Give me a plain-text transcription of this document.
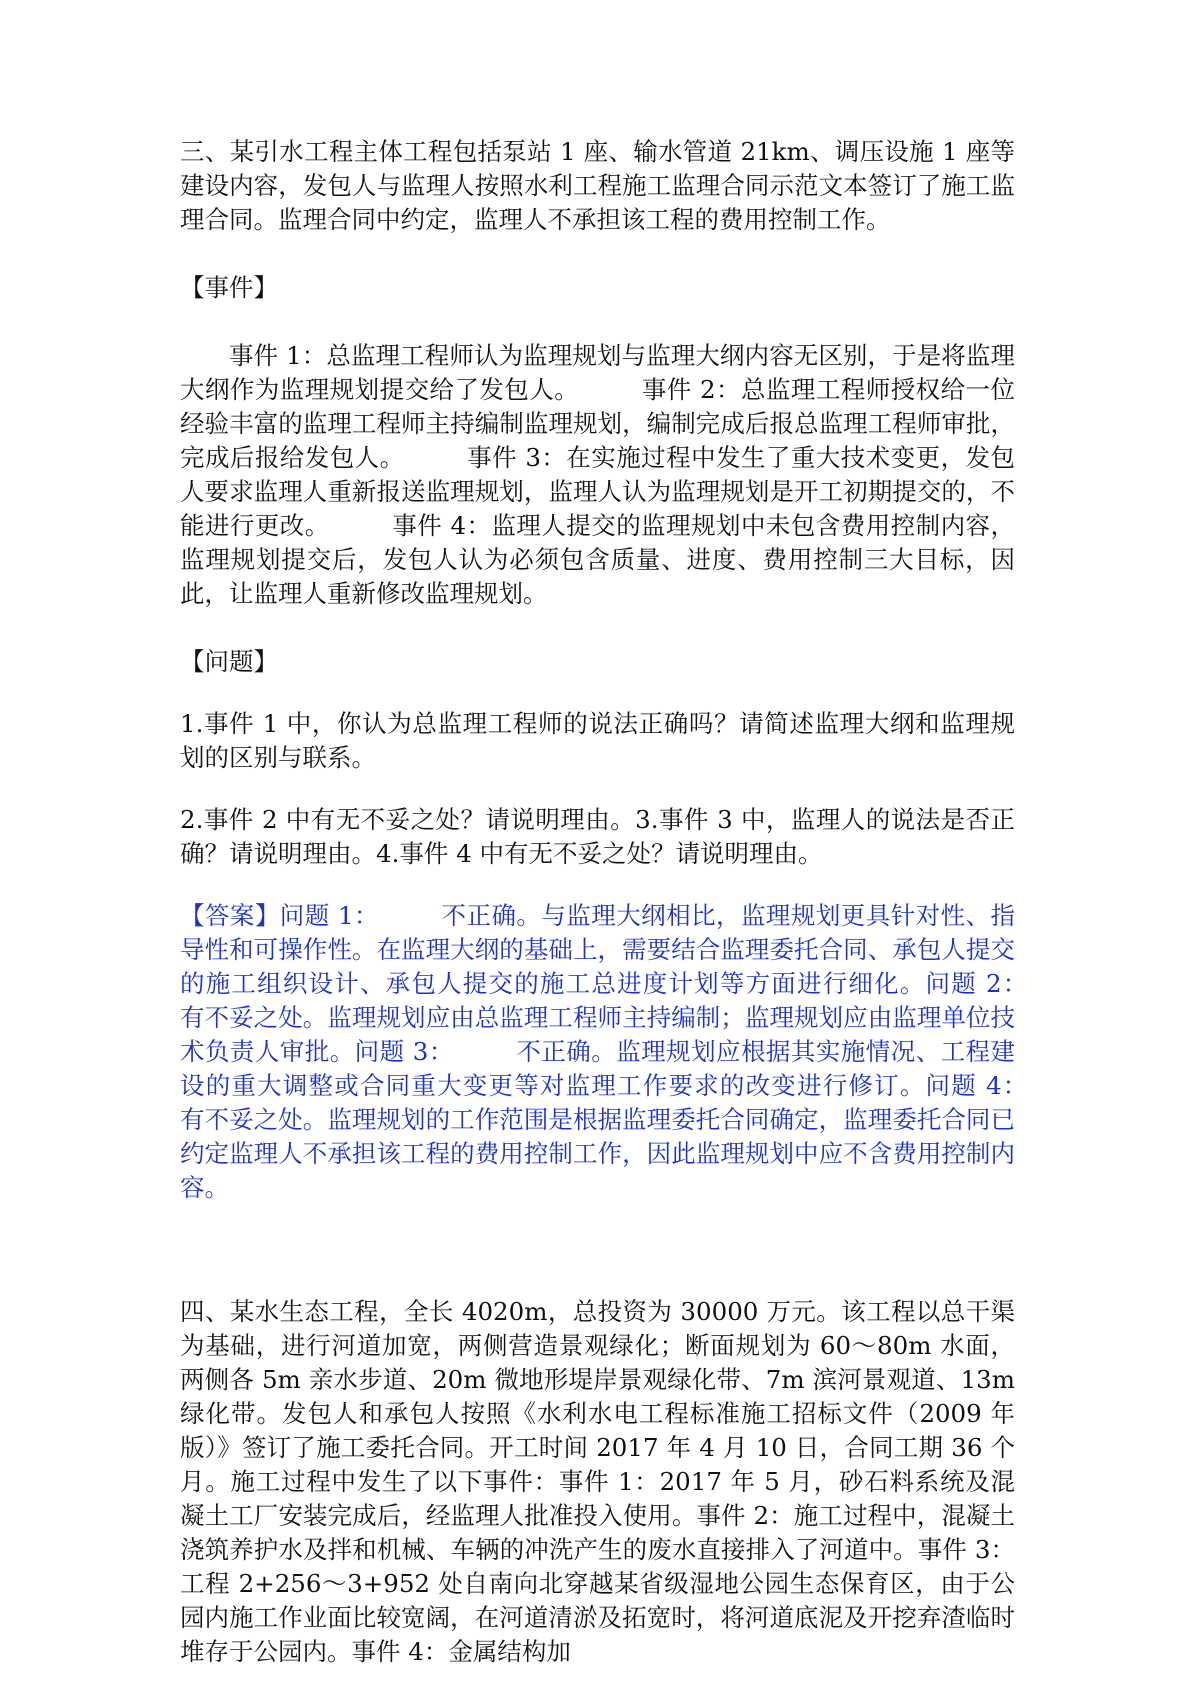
三、某引水工程主体工程包括泵站 1 座、输水管道 21km、调压设施 1 座等建设内容，发包人与监理人按照水利工程施工监理合同示范文本签订了施工监理合同。监理合同中约定，监理人不承担该工程的费用控制工作。

【事件】

事件 1：总监理工程师认为监理规划与监理大纲内容无区别，于是将监理大纲作为监理规划提交给了发包人。　　　事件 2：总监理工程师授权给一位经验丰富的监理工程师主持编制监理规划，编制完成后报总监理工程师审批，完成后报给发包人。　　　事件 3：在实施过程中发生了重大技术变更，发包人要求监理人重新报送监理规划，监理人认为监理规划是开工初期提交的，不能进行更改。　　　事件 4：监理人提交的监理规划中未包含费用控制内容，监理规划提交后，发包人认为必须包含质量、进度、费用控制三大目标，因此，让监理人重新修改监理规划。

【问题】

1.事件 1 中，你认为总监理工程师的说法正确吗？请简述监理大纲和监理规划的区别与联系。

2.事件 2 中有无不妥之处？请说明理由。3.事件 3 中，监理人的说法是否正确？请说明理由。4.事件 4 中有无不妥之处？请说明理由。

【答案】问题 1：　　　不正确。与监理大纲相比，监理规划更具针对性、指导性和可操作性。在监理大纲的基础上，需要结合监理委托合同、承包人提交的施工组织设计、承包人提交的施工总进度计划等方面进行细化。问题 2：　　　有不妥之处。监理规划应由总监理工程师主持编制；监理规划应由监理单位技术负责人审批。问题 3：　　　不正确。监理规划应根据其实施情况、工程建设的重大调整或合同重大变更等对监理工作要求的改变进行修订。问题 4：　　　有不妥之处。监理规划的工作范围是根据监理委托合同确定，监理委托合同已约定监理人不承担该工程的费用控制工作，因此监理规划中应不含费用控制内容。

四、某水生态工程，全长 4020m，总投资为 30000 万元。该工程以总干渠为基础，进行河道加宽，两侧营造景观绿化；断面规划为 60～80m 水面，两侧各 5m 亲水步道、20m 微地形堤岸景观绿化带、7m 滨河景观道、13m 绿化带。发包人和承包人按照《水利水电工程标准施工招标文件（2009 年版）》签订了施工委托合同。开工时间 2017 年 4 月 10 日，合同工期 36 个月。施工过程中发生了以下事件：事件 1：2017 年 5 月，砂石料系统及混凝土工厂安装完成后，经监理人批准投入使用。事件 2：施工过程中，混凝土浇筑养护水及拌和机械、车辆的冲洗产生的废水直接排入了河道中。事件 3：工程 2+256～3+952 处自南向北穿越某省级湿地公园生态保育区，由于公园内施工作业面比较宽阔，在河道清淤及拓宽时，将河道底泥及开挖弃渣临时堆存于公园内。事件 4：金属结构加
